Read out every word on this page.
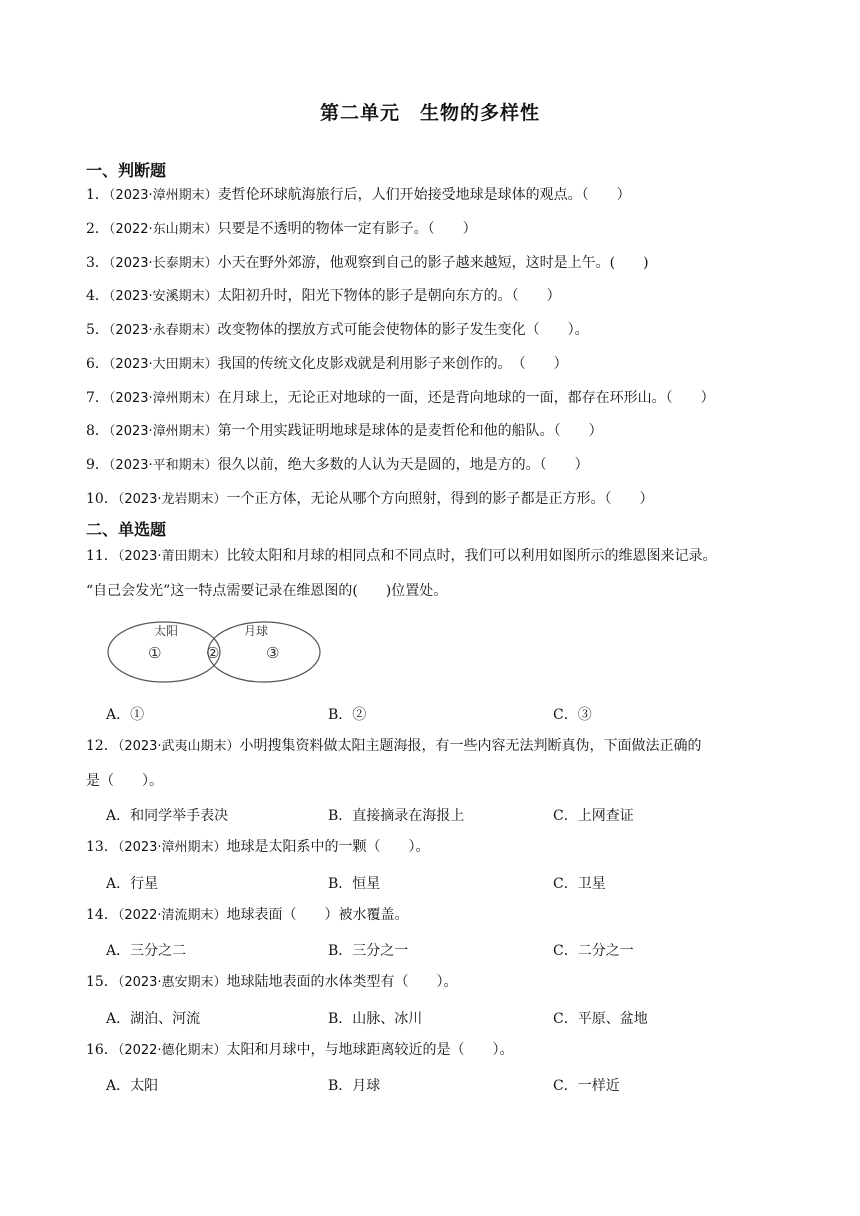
第二单元　生物的多样性
一、判断题
1．（2023·漳州期末）麦哲伦环球航海旅行后，人们开始接受地球是球体的观点。（　　）
2．（2022·东山期末）只要是不透明的物体一定有影子。（　　）
3．（2023·长泰期末）小天在野外郊游，他观察到自己的影子越来越短，这时是上午。(　　)
4．（2023·安溪期末）太阳初升时，阳光下物体的影子是朝向东方的。（　　）
5．（2023·永春期末）改变物体的摆放方式可能会使物体的影子发生变化（　　）。
6．（2023·大田期末）我国的传统文化皮影戏就是利用影子来创作的。　（　　）
7．（2023·漳州期末）在月球上，无论正对地球的一面，还是背向地球的一面，都存在环形山。（　　）
8．（2023·漳州期末）第一个用实践证明地球是球体的是麦哲伦和他的船队。（　　）
9．（2023·平和期末）很久以前，绝大多数的人认为天是圆的，地是方的。（　　）
10．（2023·龙岩期末）一个正方体，无论从哪个方向照射，得到的影子都是正方形。（　　）
二、单选题
11．（2023·莆田期末）比较太阳和月球的相同点和不同点时，我们可以利用如图所示的维恩图来记录。
“自己会发光”这一特点需要记录在维恩图的(　　)位置处。
太阳	月球
①	②	③
A．①	B．②	C．③
12．（2023·武夷山期末）小明搜集资料做太阳主题海报，有一些内容无法判断真伪，下面做法正确的
是（　　）。
A．和同学举手表决	B．直接摘录在海报上	C．上网查证
13．（2023·漳州期末）地球是太阳系中的一颗（　　）。
A．行星	B．恒星	C．卫星
14．（2022·清流期末）地球表面（　　）被水覆盖。
A．三分之二	B．三分之一	C．二分之一
15．（2023·惠安期末）地球陆地表面的水体类型有（　　）。
A．湖泊、河流	B．山脉、冰川	C．平原、盆地
16．（2022·德化期末）太阳和月球中，与地球距离较近的是（　　）。
A．太阳	B．月球	C．一样近
